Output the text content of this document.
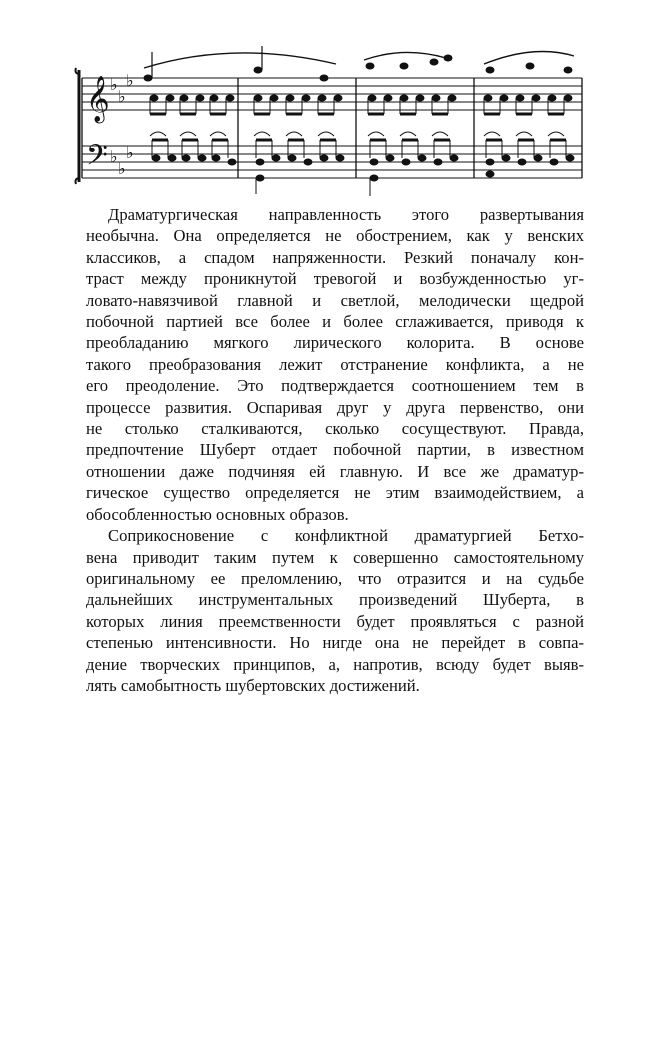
𝄞
𝄢
♭
♭
♭
♭
♭
♭

Драматургическая направленность этого развертывания
необычна. Она определяется не обострением, как у венских
классиков, а спадом напряженности. Резкий поначалу кон-
траст между проникнутой тревогой и возбужденностью уг-
ловато-навязчивой главной и светлой, мелодически щедрой
побочной партией все более и более сглаживается, приводя к
преобладанию мягкого лирического колорита. В основе
такого преобразования лежит отстранение конфликта, а не
его преодоление. Это подтверждается соотношением тем в
процессе развития. Оспаривая друг у друга первенство, они
не столько сталкиваются, сколько сосуществуют. Правда,
предпочтение Шуберт отдает побочной партии, в известном
отношении даже подчиняя ей главную. И все же драматур-
гическое существо определяется не этим взаимодействием, а
обособленностью основных образов.

Соприкосновение с конфликтной драматургией Бетхо-
вена приводит таким путем к совершенно самостоятельному
оригинальному ее преломлению, что отразится и на судьбе
дальнейших инструментальных произведений Шуберта, в
которых линия преемственности будет проявляться с разной
степенью интенсивности. Но нигде она не перейдет в совпа-
дение творческих принципов, а, напротив, всюду будет выяв-
лять самобытность шубертовских достижений.
